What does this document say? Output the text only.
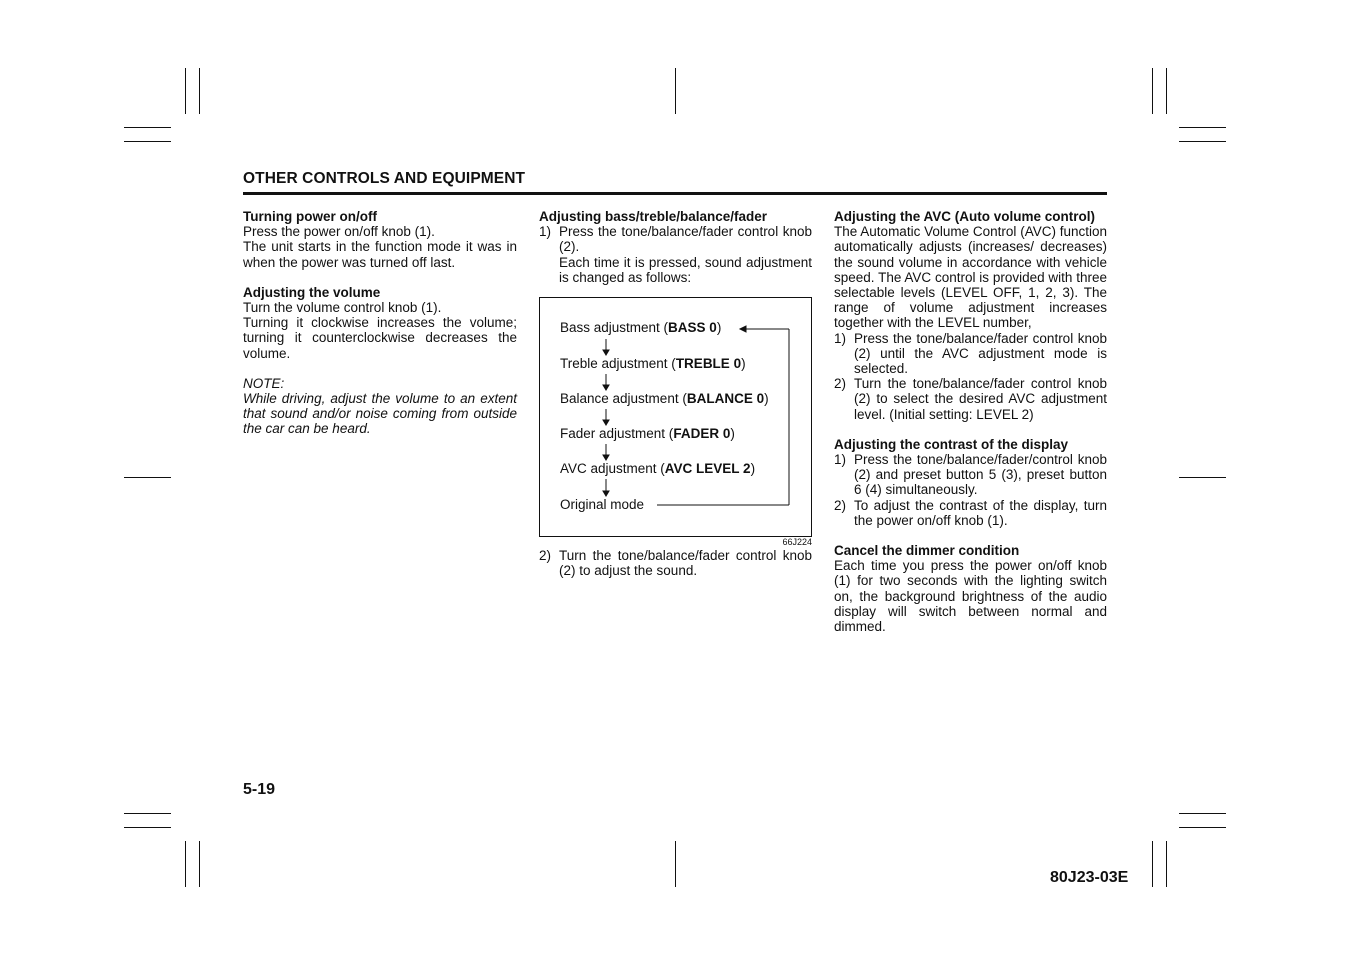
OTHER CONTROLS AND EQUIPMENT

Turning power on/off

Press the power on/off knob (1).

The unit starts in the function mode it was in when the power was turned off last.

Adjusting the volume

Turn the volume control knob (1).

Turning it clockwise increases the volume; turning it counterclockwise decreases the volume.

NOTE:

While driving, adjust the volume to an extent that sound and/or noise coming from outside the car can be heard.

Adjusting bass/treble/balance/fader

1) Press the tone/balance/fader control knob (2).
Each time it is pressed, sound adjustment is changed as follows:
Bass adjustment (BASS 0)
Treble adjustment (TREBLE 0)
Balance adjustment (BALANCE 0)
Fader adjustment (FADER 0)
AVC adjustment (AVC LEVEL 2)
Original mode

66J224

2) Turn the tone/balance/fader control knob (2) to adjust the sound.

Adjusting the AVC (Auto volume control)

The Automatic Volume Control (AVC) function automatically adjusts (increases/ decreases) the sound volume in accordance with vehicle speed. The AVC control is provided with three selectable levels (LEVEL OFF, 1, 2, 3). The range of volume adjustment increases together with the LEVEL number,

1) Press the tone/balance/fader control knob (2) until the AVC adjustment mode is selected.
2) Turn the tone/balance/fader control knob (2) to select the desired AVC adjustment level. (Initial setting: LEVEL 2)

Adjusting the contrast of the display

1) Press the tone/balance/fader/control knob (2) and preset button 5 (3), preset button 6 (4) simultaneously.
2) To adjust the contrast of the display, turn the power on/off knob (1).

Cancel the dimmer condition

Each time you press the power on/off knob (1) for two seconds with the lighting switch on, the background brightness of the audio display will switch between normal and dimmed.

5-19
80J23-03E
